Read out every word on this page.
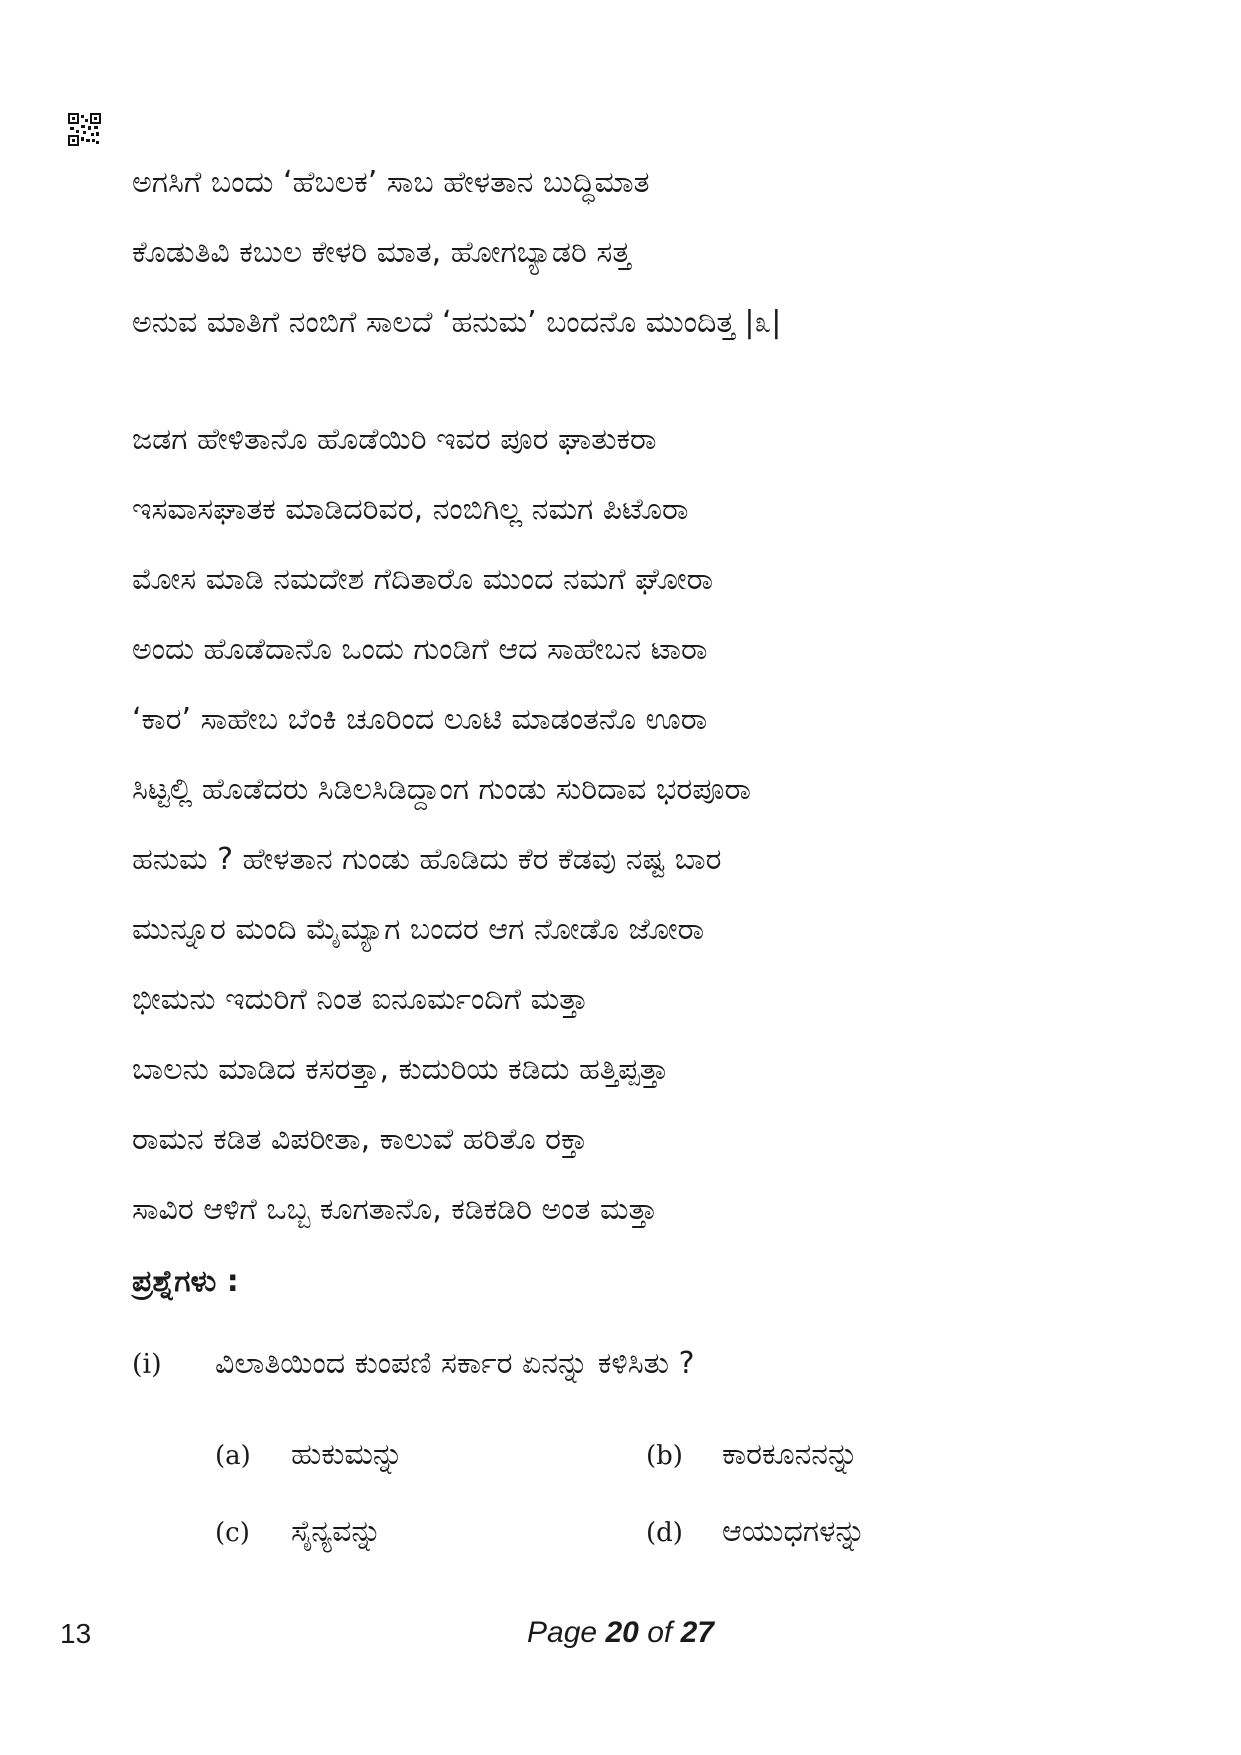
ಅಗಸಿಗೆ ಬಂದು ‘ಹೆಬಲಕ’ ಸಾಬ ಹೇಳತಾನ ಬುದ್ಧಿಮಾತ
ಕೊಡುತಿವಿ ಕಬುಲ ಕೇಳರಿ ಮಾತ, ಹೋಗಬ್ಯಾಡರಿ ಸತ್ತ
ಅನುವ ಮಾತಿಗೆ ನಂಬಿಗೆ ಸಾಲದೆ ‘ಹನುಮ’ ಬಂದನೊ ಮುಂದಿತ್ತ |೩|
ಜಡಗ ಹೇಳಿತಾನೊ ಹೊಡೆಯಿರಿ ಇವರ ಪೂರ ಘಾತುಕರಾ
ಇಸವಾಸಘಾತಕ ಮಾಡಿದರಿವರ, ನಂಬಿಗಿಲ್ಲ ನಮಗ ಪಿಟೊರಾ
ಮೋಸ ಮಾಡಿ ನಮದೇಶ ಗೆದಿತಾರೊ ಮುಂದ ನಮಗೆ ಘೋರಾ
ಅಂದು ಹೊಡೆದಾನೊ ಒಂದು ಗುಂಡಿಗೆ ಆದ ಸಾಹೇಬನ ಟಾರಾ
‘ಕಾರ’ ಸಾಹೇಬ ಬೆಂಕಿ ಚೂರಿಂದ ಲೂಟಿ ಮಾಡಂತನೊ ಊರಾ
ಸಿಟ್ಟಲ್ಲಿ ಹೊಡೆದರು ಸಿಡಿಲಸಿಡಿದ್ದಾಂಗ ಗುಂಡು ಸುರಿದಾವ ಭರಪೂರಾ
ಹನುಮ ? ಹೇಳತಾನ ಗುಂಡು ಹೊಡಿದು ಕೆರ ಕೆಡವು ನಷ್ಟ ಬಾರ
ಮುನ್ನೂರ ಮಂದಿ ಮೈಮ್ಯಾಗ ಬಂದರ ಆಗ ನೋಡೊ ಜೋರಾ
ಭೀಮನು ಇದುರಿಗೆ ನಿಂತ ಐನೂರ್ಮಂದಿಗೆ ಮತ್ತಾ
ಬಾಲನು ಮಾಡಿದ ಕಸರತ್ತಾ, ಕುದುರಿಯ ಕಡಿದು ಹತ್ತಿಪ್ಪತ್ತಾ
ರಾಮನ ಕಡಿತ ವಿಪರೀತಾ, ಕಾಲುವೆ ಹರಿತೊ ರಕ್ತಾ
ಸಾವಿರ ಆಳಿಗೆ ಒಬ್ಬ ಕೂಗತಾನೊ, ಕಡಿಕಡಿರಿ ಅಂತ ಮತ್ತಾ
ಪ್ರಶ್ನೆಗಳು :
(i) ವಿಲಾತಿಯಿಂದ ಕುಂಪಣಿ ಸರ್ಕಾರ ಏನನ್ನು ಕಳಿಸಿತು ?
(a) ಹುಕುಮನ್ನು	(b) ಕಾರಕೂನನನ್ನು
(c) ಸೈನ್ಯವನ್ನು	(d) ಆಯುಧಗಳನ್ನು
13	Page 20 of 27
